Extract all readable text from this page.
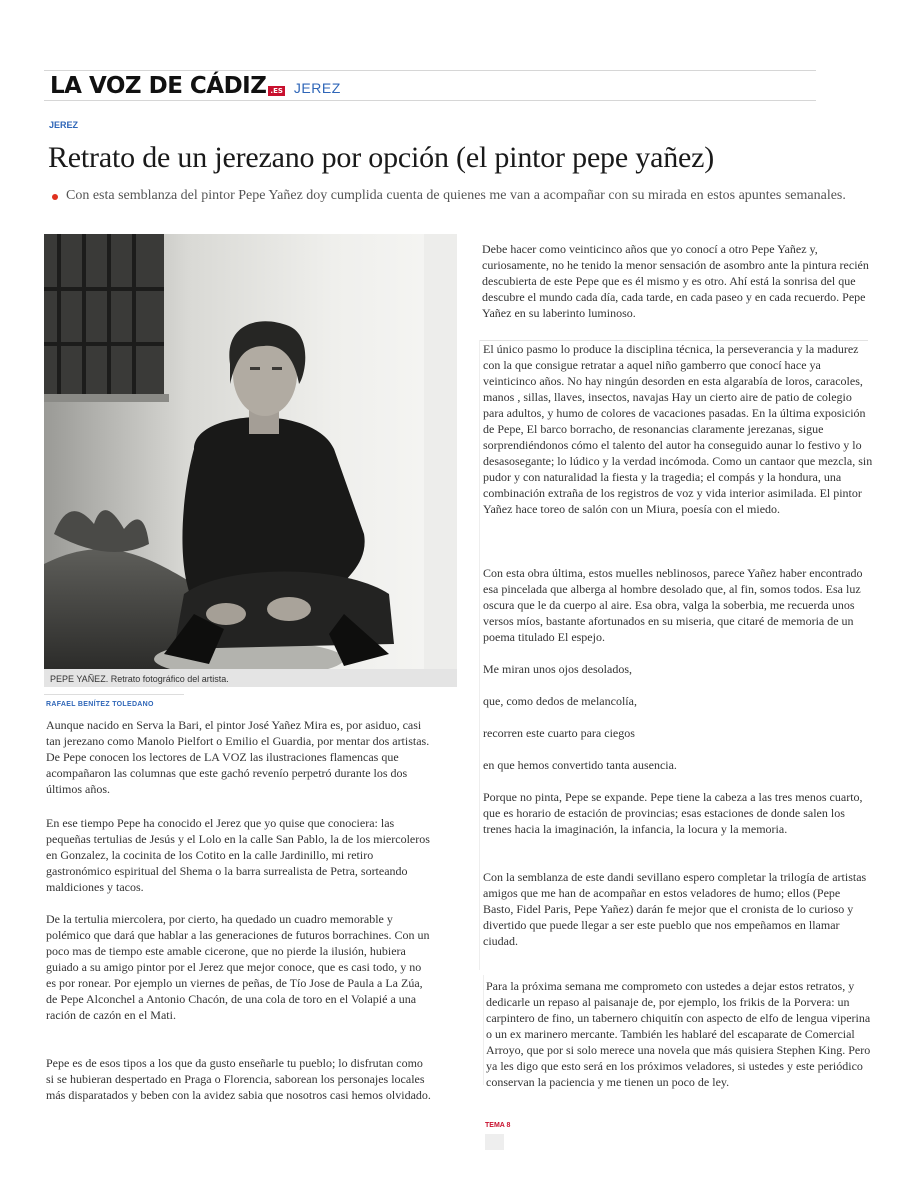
LA VOZ DE CÁDIZ .ES JEREZ
JEREZ
Retrato de un jerezano por opción (el pintor pepe yañez)
Con esta semblanza del pintor Pepe Yañez doy cumplida cuenta de quienes me van a acompañar con su mirada en estos apuntes semanales.
PEPE YAÑEZ. Retrato fotográfico del artista.
RAFAEL BENÍTEZ TOLEDANO

Aunque nacido en Serva la Bari, el pintor José Yañez Mira es, por asiduo, casi tan jerezano como Manolo Pielfort o Emilio el Guardia, por mentar dos artistas. De Pepe conocen los lectores de LA VOZ las ilustraciones flamencas que acompañaron las columnas que este gachó revenío perpetró durante los dos últimos años.

En ese tiempo Pepe ha conocido el Jerez que yo quise que conociera: las pequeñas tertulias de Jesús y el Lolo en la calle San Pablo, la de los miercoleros en Gonzalez, la cocinita de los Cotito en la calle Jardinillo, mi retiro gastronómico espiritual del Shema o la barra surrealista de Petra, sorteando maldiciones y tacos.

De la tertulia miercolera, por cierto, ha quedado un cuadro memorable y polémico que dará que hablar a las generaciones de futuros borrachines. Con un poco mas de tiempo este amable cicerone, que no pierde la ilusión, hubiera guiado a su amigo pintor por el Jerez que mejor conoce, que es casi todo, y no es por ronear. Por ejemplo un viernes de peñas, de Tío Jose de Paula a La Zúa, de Pepe Alconchel a Antonio Chacón, de una cola de toro en el Volapié a una ración de cazón en el Mati.

Pepe es de esos tipos a los que da gusto enseñarle tu pueblo; lo disfrutan como si se hubieran despertado en Praga o Florencia, saborean los personajes locales más disparatados y beben con la avidez sabia que nosotros casi hemos olvidado.

Debe hacer como veinticinco años que yo conocí a otro Pepe Yañez y, curiosamente, no he tenido la menor sensación de asombro ante la pintura recién descubierta de este Pepe que es él mismo y es otro. Ahí está la sonrisa del que descubre el mundo cada día, cada tarde, en cada paseo y en cada recuerdo. Pepe Yañez en su laberinto luminoso.

El único pasmo lo produce la disciplina técnica, la perseverancia y la madurez con la que consigue retratar a aquel niño gamberro que conocí hace ya veinticinco años. No hay ningún desorden en esta algarabía de loros, caracoles, manos , sillas, llaves, insectos, navajas Hay un cierto aire de patio de colegio para adultos, y humo de colores de vacaciones pasadas. En la última exposición de Pepe, El barco borracho, de resonancias claramente jerezanas, sigue sorprendiéndonos cómo el talento del autor ha conseguido aunar lo festivo y lo desasosegante; lo lúdico y la verdad incómoda. Como un cantaor que mezcla, sin pudor y con naturalidad la fiesta y la tragedia; el compás y la hondura, una combinación extraña de los registros de voz y vida interior asimilada. El pintor Yañez hace toreo de salón con un Miura, poesía con el miedo.

Con esta obra última, estos muelles neblinosos, parece Yañez haber encontrado esa pincelada que alberga al hombre desolado que, al fin, somos todos. Esa luz oscura que le da cuerpo al aire. Esa obra, valga la soberbia, me recuerda unos versos míos, bastante afortunados en su miseria, que citaré de memoria de un poema titulado El espejo.

Me miran unos ojos desolados,

que, como dedos de melancolía,

recorren este cuarto para ciegos

en que hemos convertido tanta ausencia.

Porque no pinta, Pepe se expande. Pepe tiene la cabeza a las tres menos cuarto, que es horario de estación de provincias; esas estaciones de donde salen los trenes hacia la imaginación, la infancia, la locura y la memoria.

Con la semblanza de este dandi sevillano espero completar la trilogía de artistas amigos que me han de acompañar en estos veladores de humo; ellos (Pepe Basto, Fidel Paris, Pepe Yañez) darán fe mejor que el cronista de lo curioso y divertido que puede llegar a ser este pueblo que nos empeñamos en llamar ciudad.

Para la próxima semana me comprometo con ustedes a dejar estos retratos, y dedicarle un repaso al paisanaje de, por ejemplo, los frikis de la Porvera: un carpintero de fino, un tabernero chiquitín con aspecto de elfo de lengua viperina o un ex marinero mercante. También les hablaré del escaparate de Comercial Arroyo, que por si solo merece una novela que más quisiera Stephen King. Pero ya les digo que esto será en los próximos veladores, si ustedes y este periódico conservan la paciencia y me tienen un poco de ley.

TEMA 8
